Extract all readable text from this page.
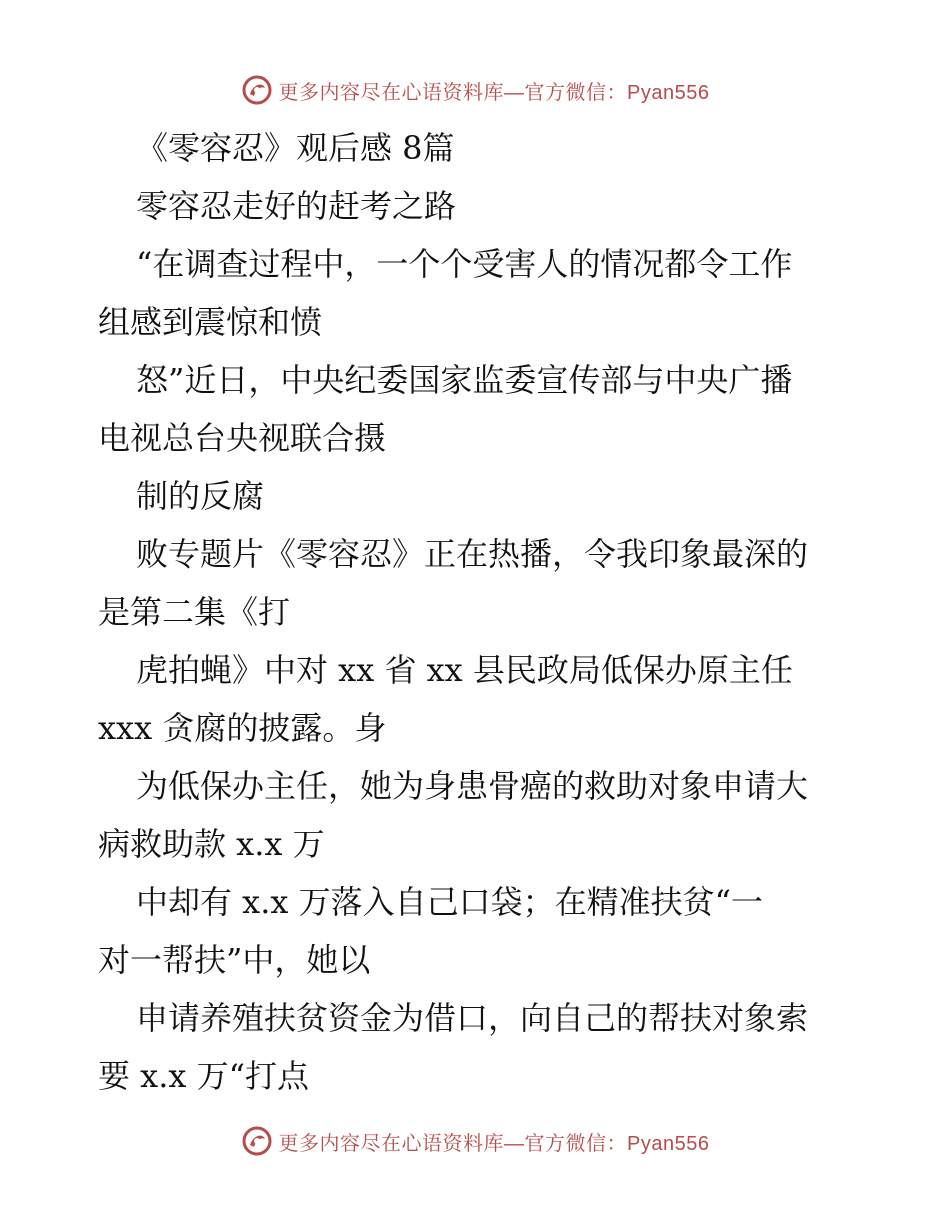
更多内容尽在心语资料库—官方微信：Pyan556

《零容忍》观后感 8篇

零容忍走好的赶考之路

“在调查过程中，一个个受害人的情况都令工作

组感到震惊和愤

怒”近日，中央纪委国家监委宣传部与中央广播

电视总台央视联合摄

制的反腐

败专题片《零容忍》正在热播，令我印象最深的

是第二集《打

虎拍蝇》中对 xx 省 xx 县民政局低保办原主任

xxx 贪腐的披露。身

为低保办主任，她为身患骨癌的救助对象申请大

病救助款 x.x 万

中却有 x.x 万落入自己口袋；在精准扶贫“一

对一帮扶”中，她以

申请养殖扶贫资金为借口，向自己的帮扶对象索

要 x.x 万“打点

更多内容尽在心语资料库—官方微信：Pyan556
